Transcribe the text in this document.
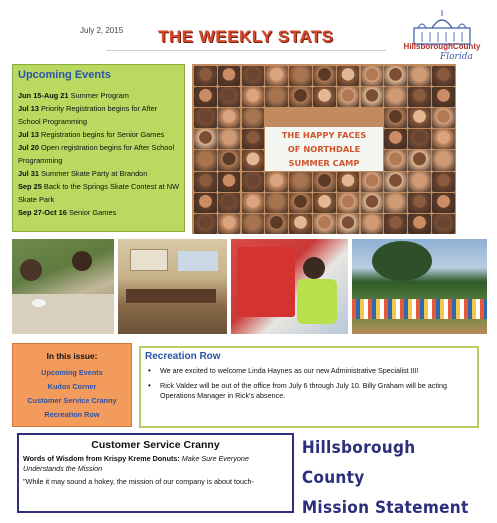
July 2, 2015 THE WEEKLY STATS
HillsboroughCounty
Florida
Upcoming Events
Jun 15-Aug 21 Summer Program
Jul 13 Priority Registration begins for After School Programming
Jul 13 Registration begins for Senior Games
Jul 20 Open registration begins for After School Programming
Jul 31 Summer Skate Party at Brandon
Sep 25 Back to the Springs Skate Contest at NW Skate Park
Sep 27-Oct 16 Senior Games
THE HAPPY FACES
OF NORTHDALE
SUMMER CAMP
In this issue:
Upcoming Events
Kudos Corner
Customer Service Cranny
Recreation Row
Recreation Row
• We are excited to welcome Linda Haynes as our new Administrative Specialist III!
• Rick Valdez will be out of the office from July 6 through July 10. Billy Graham will be acting Operations Manager in Rick's absence.
Customer Service Cranny
Words of Wisdom from Krispy Kreme Donuts: Make Sure Everyone Understands the Mission
"While it may sound a hokey, the mission of our company is about touch-
Hillsborough County
Mission Statement
